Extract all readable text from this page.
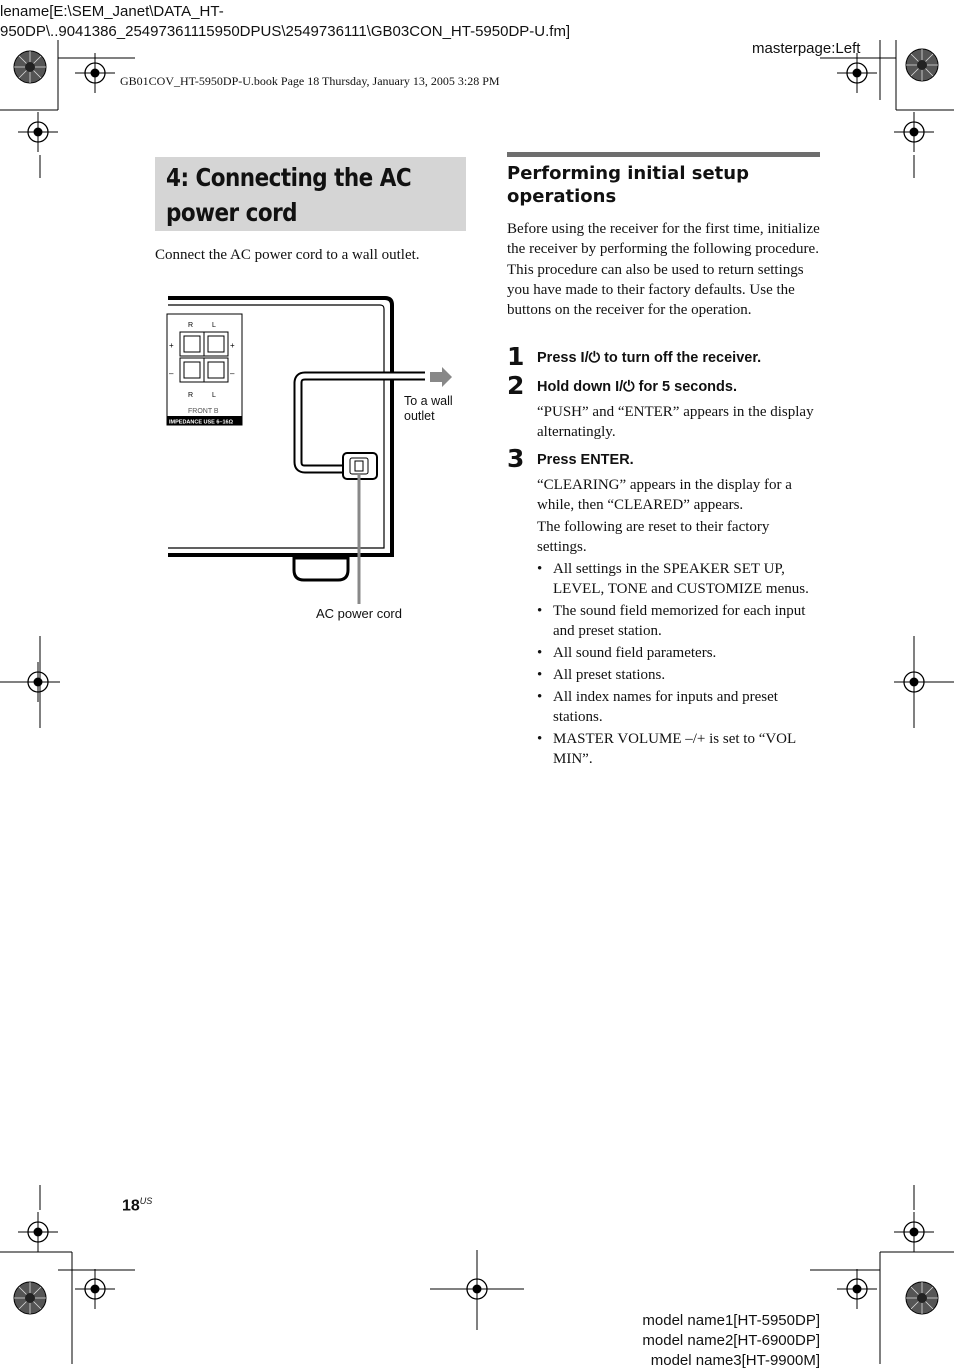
lename[E:\SEM_Janet\DATA_HT-
950DP\..9041386_25497361115950DPUS\2549736111\GB03CON_HT-5950DP-U.fm]
masterpage:Left
GB01COV_HT-5950DP-U.book Page 18 Thursday, January 13, 2005 3:28 PM
4: Connecting the AC
power cord
Connect the AC power cord to a wall outlet.
IMPEDANCE USE 6–16Ω
R	L
+	+
–	–
R	L
FRONT B
To a wall
outlet
AC power cord
Performing initial setup
operations
Before using the receiver for the first time, initialize the receiver by performing the following procedure.
This procedure can also be used to return settings you have made to their factory defaults. Use the buttons on the receiver for the operation.
1 Press I/⏻ to turn off the receiver.
2 Hold down I/⏻ for 5 seconds.
“PUSH” and “ENTER” appears in the display alternatingly.
3 Press ENTER.
“CLEARING” appears in the display for a while, then “CLEARED” appears.
The following are reset to their factory settings.
• All settings in the SPEAKER SET UP, LEVEL, TONE and CUSTOMIZE menus.
• The sound field memorized for each input and preset station.
• All sound field parameters.
• All preset stations.
• All index names for inputs and preset stations.
• MASTER VOLUME –/+ is set to “VOL MIN”.
$18^{US}$
model name1[HT-5950DP]
model name2[HT-6900DP]
model name3[HT-9900M]
